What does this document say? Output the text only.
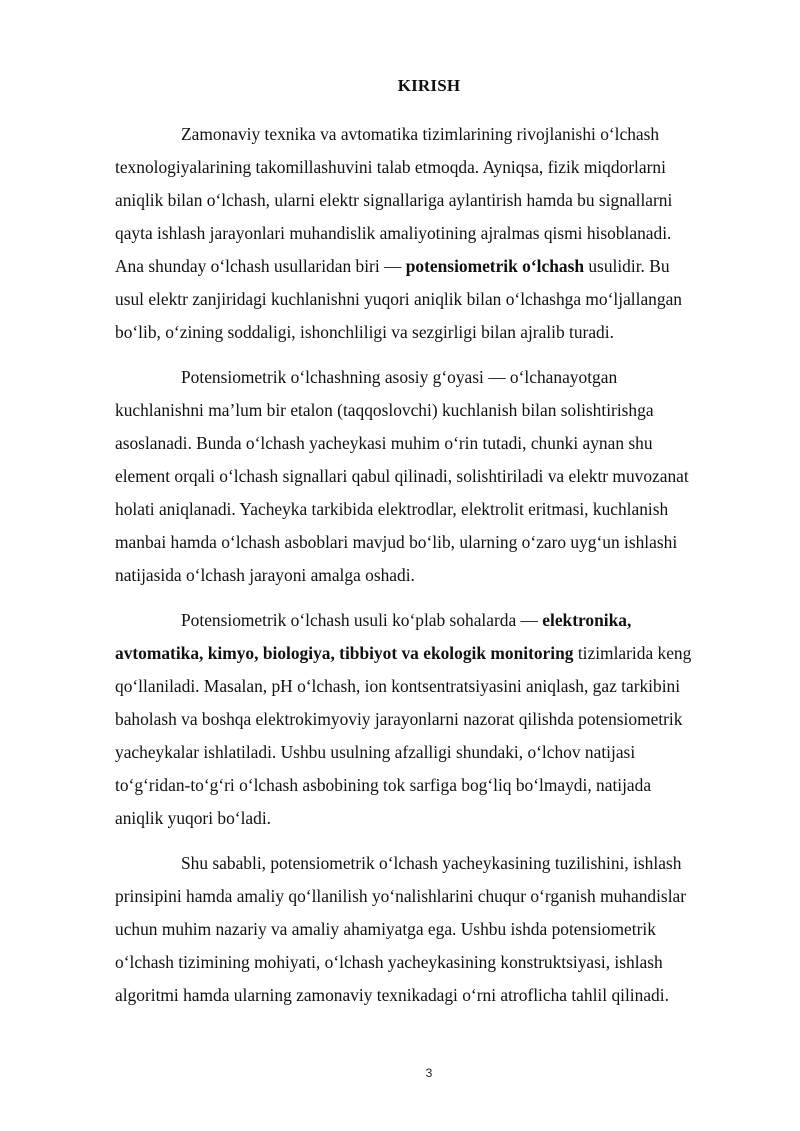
KIRISH
Zamonaviy texnika va avtomatika tizimlarining rivojlanishi oʻlchash
texnologiyalarining takomillashuvini talab etmoqda. Ayniqsa, fizik miqdorlarni
aniqlik bilan oʻlchash, ularni elektr signallariga aylantirish hamda bu signallarni
qayta ishlash jarayonlari muhandislik amaliyotining ajralmas qismi hisoblanadi.
Ana shunday oʻlchash usullaridan biri — potensiometrik oʻlchash usulidir. Bu
usul elektr zanjiridagi kuchlanishni yuqori aniqlik bilan oʻlchashga moʻljallangan
boʻlib, oʻzining soddaligi, ishonchliligi va sezgirligi bilan ajralib turadi.
Potensiometrik oʻlchashning asosiy gʻoyasi — oʻlchanayotgan
kuchlanishni maʼlum bir etalon (taqqoslovchi) kuchlanish bilan solishtirishga
asoslanadi. Bunda oʻlchash yacheykasi muhim oʻrin tutadi, chunki aynan shu
element orqali oʻlchash signallari qabul qilinadi, solishtiriladi va elektr muvozanat
holati aniqlanadi. Yacheyka tarkibida elektrodlar, elektrolit eritmasi, kuchlanish
manbai hamda oʻlchash asboblari mavjud boʻlib, ularning oʻzaro uygʻun ishlashi
natijasida oʻlchash jarayoni amalga oshadi.
Potensiometrik oʻlchash usuli koʻplab sohalarda — elektronika,
avtomatika, kimyo, biologiya, tibbiyot va ekologik monitoring tizimlarida keng
qoʻllaniladi. Masalan, pH oʻlchash, ion kontsentratsiyasini aniqlash, gaz tarkibini
baholash va boshqa elektrokimyoviy jarayonlarni nazorat qilishda potensiometrik
yacheykalar ishlatiladi. Ushbu usulning afzalligi shundaki, oʻlchov natijasi
toʻgʻridan-toʻgʻri oʻlchash asbobining tok sarfiga bogʻliq boʻlmaydi, natijada
aniqlik yuqori boʻladi.
Shu sababli, potensiometrik oʻlchash yacheykasining tuzilishini, ishlash
prinsipini hamda amaliy qoʻllanilish yoʻnalishlarini chuqur oʻrganish muhandislar
uchun muhim nazariy va amaliy ahamiyatga ega. Ushbu ishda potensiometrik
oʻlchash tizimining mohiyati, oʻlchash yacheykasining konstruktsiyasi, ishlash
algoritmi hamda ularning zamonaviy texnikadagi oʻrni atroflicha tahlil qilinadi.
3
